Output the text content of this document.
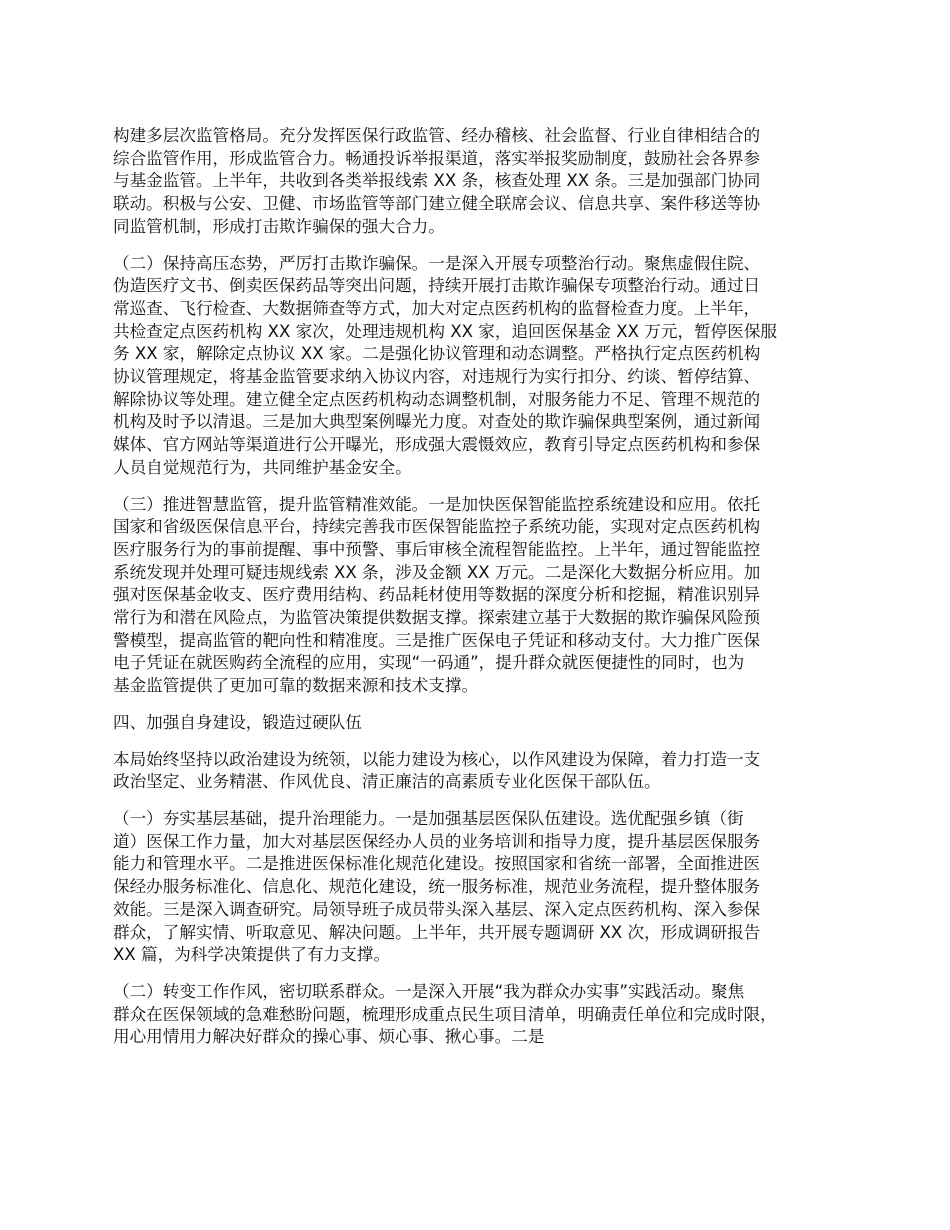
构建多层次监管格局。充分发挥医保行政监管、经办稽核、社会监督、行业自律相结合的
综合监管作用，形成监管合力。畅通投诉举报渠道，落实举报奖励制度，鼓励社会各界参
与基金监管。上半年，共收到各类举报线索 XX 条，核查处理 XX 条。三是加强部门协同
联动。积极与公安、卫健、市场监管等部门建立健全联席会议、信息共享、案件移送等协
同监管机制，形成打击欺诈骗保的强大合力。
（二）保持高压态势，严厉打击欺诈骗保。一是深入开展专项整治行动。聚焦虚假住院、
伪造医疗文书、倒卖医保药品等突出问题，持续开展打击欺诈骗保专项整治行动。通过日
常巡查、飞行检查、大数据筛查等方式，加大对定点医药机构的监督检查力度。上半年，
共检查定点医药机构 XX 家次，处理违规机构 XX 家，追回医保基金 XX 万元，暂停医保服
务 XX 家，解除定点协议 XX 家。二是强化协议管理和动态调整。严格执行定点医药机构
协议管理规定，将基金监管要求纳入协议内容，对违规行为实行扣分、约谈、暂停结算、
解除协议等处理。建立健全定点医药机构动态调整机制，对服务能力不足、管理不规范的
机构及时予以清退。三是加大典型案例曝光力度。对查处的欺诈骗保典型案例，通过新闻
媒体、官方网站等渠道进行公开曝光，形成强大震慑效应，教育引导定点医药机构和参保
人员自觉规范行为，共同维护基金安全。
（三）推进智慧监管，提升监管精准效能。一是加快医保智能监控系统建设和应用。依托
国家和省级医保信息平台，持续完善我市医保智能监控子系统功能，实现对定点医药机构
医疗服务行为的事前提醒、事中预警、事后审核全流程智能监控。上半年，通过智能监控
系统发现并处理可疑违规线索 XX 条，涉及金额 XX 万元。二是深化大数据分析应用。加
强对医保基金收支、医疗费用结构、药品耗材使用等数据的深度分析和挖掘，精准识别异
常行为和潜在风险点，为监管决策提供数据支撑。探索建立基于大数据的欺诈骗保风险预
警模型，提高监管的靶向性和精准度。三是推广医保电子凭证和移动支付。大力推广医保
电子凭证在就医购药全流程的应用，实现“一码通”，提升群众就医便捷性的同时，也为
基金监管提供了更加可靠的数据来源和技术支撑。
四、加强自身建设，锻造过硬队伍
本局始终坚持以政治建设为统领，以能力建设为核心，以作风建设为保障，着力打造一支
政治坚定、业务精湛、作风优良、清正廉洁的高素质专业化医保干部队伍。
（一）夯实基层基础，提升治理能力。一是加强基层医保队伍建设。选优配强乡镇（街
道）医保工作力量，加大对基层医保经办人员的业务培训和指导力度，提升基层医保服务
能力和管理水平。二是推进医保标准化规范化建设。按照国家和省统一部署，全面推进医
保经办服务标准化、信息化、规范化建设，统一服务标准，规范业务流程，提升整体服务
效能。三是深入调查研究。局领导班子成员带头深入基层、深入定点医药机构、深入参保
群众，了解实情、听取意见、解决问题。上半年，共开展专题调研 XX 次，形成调研报告
XX 篇，为科学决策提供了有力支撑。
（二）转变工作作风，密切联系群众。一是深入开展“我为群众办实事”实践活动。聚焦
群众在医保领域的急难愁盼问题，梳理形成重点民生项目清单，明确责任单位和完成时限，
用心用情用力解决好群众的操心事、烦心事、揪心事。二是
